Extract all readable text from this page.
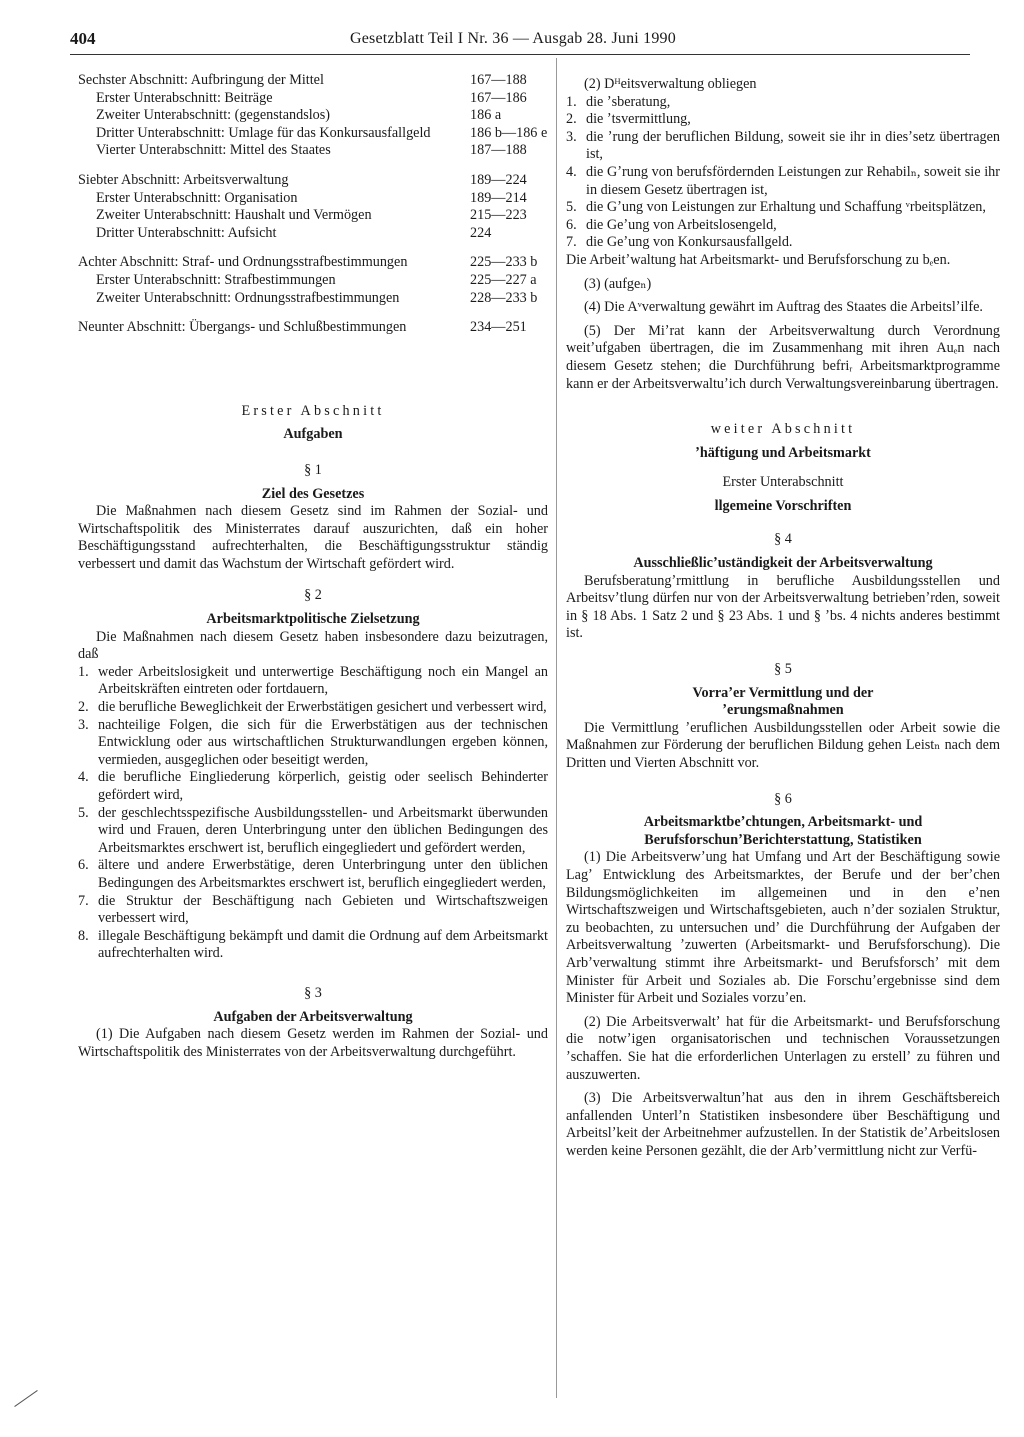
404	Gesetzblatt Teil I Nr. 36 — Ausgab 28. Juni 1990
Sechster Abschnitt: Aufbringung der Mittel	167—188
Erster Unterabschnitt: Beiträge	167—186
Zweiter Unterabschnitt: (gegenstandslos)	186 a
Dritter Unterabschnitt: Umlage für das Konkursausfallgeld	186 b—186 e
Vierter Unterabschnitt: Mittel des Staates	187—188
Siebter Abschnitt: Arbeitsverwaltung	189—224
Erster Unterabschnitt: Organisation	189—214
Zweiter Unterabschnitt: Haushalt und Vermögen	215—223
Dritter Unterabschnitt: Aufsicht	224
Achter Abschnitt: Straf- und Ordnungsstrafbestimmungen	225—233 b
Erster Unterabschnitt: Strafbestimmungen	225—227 a
Zweiter Unterabschnitt: Ordnungsstrafbestimmungen	228—233 b
Neunter Abschnitt: Übergangs- und Schlußbestimmungen	234—251
Erster Abschnitt
Aufgaben
§ 1
Ziel des Gesetzes

Die Maßnahmen nach diesem Gesetz sind im Rahmen der Sozial- und Wirtschaftspolitik des Ministerrates darauf auszurichten, daß ein hoher Beschäftigungsstand aufrechterhalten, die Beschäftigungsstruktur ständig verbessert und damit das Wachstum der Wirtschaft gefördert wird.

§ 2
Arbeitsmarktpolitische Zielsetzung

Die Maßnahmen nach diesem Gesetz haben insbesondere dazu beizutragen, daß

1. weder Arbeitslosigkeit und unterwertige Beschäftigung noch ein Mangel an Arbeitskräften eintreten oder fortdauern,
2. die berufliche Beweglichkeit der Erwerbstätigen gesichert und verbessert wird,
3. nachteilige Folgen, die sich für die Erwerbstätigen aus der technischen Entwicklung oder aus wirtschaftlichen Strukturwandlungen ergeben können, vermieden, ausgeglichen oder beseitigt werden,
4. die berufliche Eingliederung körperlich, geistig oder seelisch Behinderter gefördert wird,
5. der geschlechtsspezifische Ausbildungsstellen- und Arbeitsmarkt überwunden wird und Frauen, deren Unterbringung unter den üblichen Bedingungen des Arbeitsmarktes erschwert ist, beruflich eingegliedert und gefördert werden,
6. ältere und andere Erwerbstätige, deren Unterbringung unter den üblichen Bedingungen des Arbeitsmarktes erschwert ist, beruflich eingegliedert werden,
7. die Struktur der Beschäftigung nach Gebieten und Wirtschaftszweigen verbessert wird,
8. illegale Beschäftigung bekämpft und damit die Ordnung auf dem Arbeitsmarkt aufrechterhalten wird.
§ 3
Aufgaben der Arbeitsverwaltung

(1) Die Aufgaben nach diesem Gesetz werden im Rahmen der Sozial- und Wirtschaftspolitik des Ministerrates von der Arbeitsverwaltung durchgeführt.

(2) Dᴴeitsverwaltung obliegen

1. die ʼsberatung,
2. die ʼtsvermittlung,
3. die ʼrung der beruflichen Bildung, soweit sie ihr in diesʼsetz übertragen ist,
4. die Gʼrung von berufsfördernden Leistungen zur Rehabilₙ, soweit sie ihr in diesem Gesetz übertragen ist,
5. die Gʼung von Leistungen zur Erhaltung und Schaffung ᵛrbeitsplätzen,
6. die Geʼung von Arbeitslosengeld,
7. die Geʼung von Konkursausfallgeld.

Die Arbeitʼwaltung hat Arbeitsmarkt- und Berufsforschung zu bₑen.

(3) (aufgeₙ)

(4) Die Aᵛverwaltung gewährt im Auftrag des Staates die Arbeitslʼilfe.

(5) Der Miʼrat kann der Arbeitsverwaltung durch Verordnung weitʼufgaben übertragen, die im Zusammenhang mit ihren Auₑn nach diesem Gesetz stehen; die Durchführung befriᵣ Arbeitsmarktprogramme kann er der Arbeitsverwaltuʼich durch Verwaltungsvereinbarung übertragen.

weiter Abschnitt
ʼhäftigung und Arbeitsmarkt
Erster Unterabschnitt
llgemeine Vorschriften
§ 4
Ausschließlicʼuständigkeit der Arbeitsverwaltung

Berufsberatungʼrmittlung in berufliche Ausbildungsstellen und Arbeitsvʼtlung dürfen nur von der Arbeitsverwaltung betriebenʼrden, soweit in § 18 Abs. 1 Satz 2 und § 23 Abs. 1 und § ʼbs. 4 nichts anderes bestimmt ist.

§ 5
Vorraʼer Vermittlung und der
ʼerungsmaßnahmen

Die Vermittlung ʼeruflichen Ausbildungsstellen oder Arbeit sowie die Maßnahmen zur Förderung der beruflichen Bildung gehen Leistₙ nach dem Dritten und Vierten Abschnitt vor.

§ 6
Arbeitsmarktbeʼchtungen, Arbeitsmarkt- und
BerufsforschunʼBerichterstattung, Statistiken

(1) Die Arbeitsverwʼung hat Umfang und Art der Beschäftigung sowie Lagʼ Entwicklung des Arbeitsmarktes, der Berufe und der berʼchen Bildungsmöglichkeiten im allgemeinen und in den eʼnen Wirtschaftszweigen und Wirtschaftsgebieten, auch nʼder sozialen Struktur, zu beobachten, zu untersuchen undʼ die Durchführung der Aufgaben der Arbeitsverwaltung ʼzuwerten (Arbeitsmarkt- und Berufsforschung). Die Arbʼverwaltung stimmt ihre Arbeitsmarkt- und Berufsforschʼ mit dem Minister für Arbeit und Soziales ab. Die Forschuʼergebnisse sind dem Minister für Arbeit und Soziales vorzuʼen.

(2) Die Arbeitsverwaltʼ hat für die Arbeitsmarkt- und Berufsforschung die notwʼigen organisatorischen und technischen Voraussetzungen ʼschaffen. Sie hat die erforderlichen Unterlagen zu erstellʼ zu führen und auszuwerten.

(3) Die Arbeitsverwaltunʼhat aus den in ihrem Geschäftsbereich anfallenden Unterlʼn Statistiken insbesondere über Beschäftigung und Arbeitslʼkeit der Arbeitnehmer aufzustellen. In der Statistik deʼArbeitslosen werden keine Personen gezählt, die der Arbʼvermittlung nicht zur Verfü-
